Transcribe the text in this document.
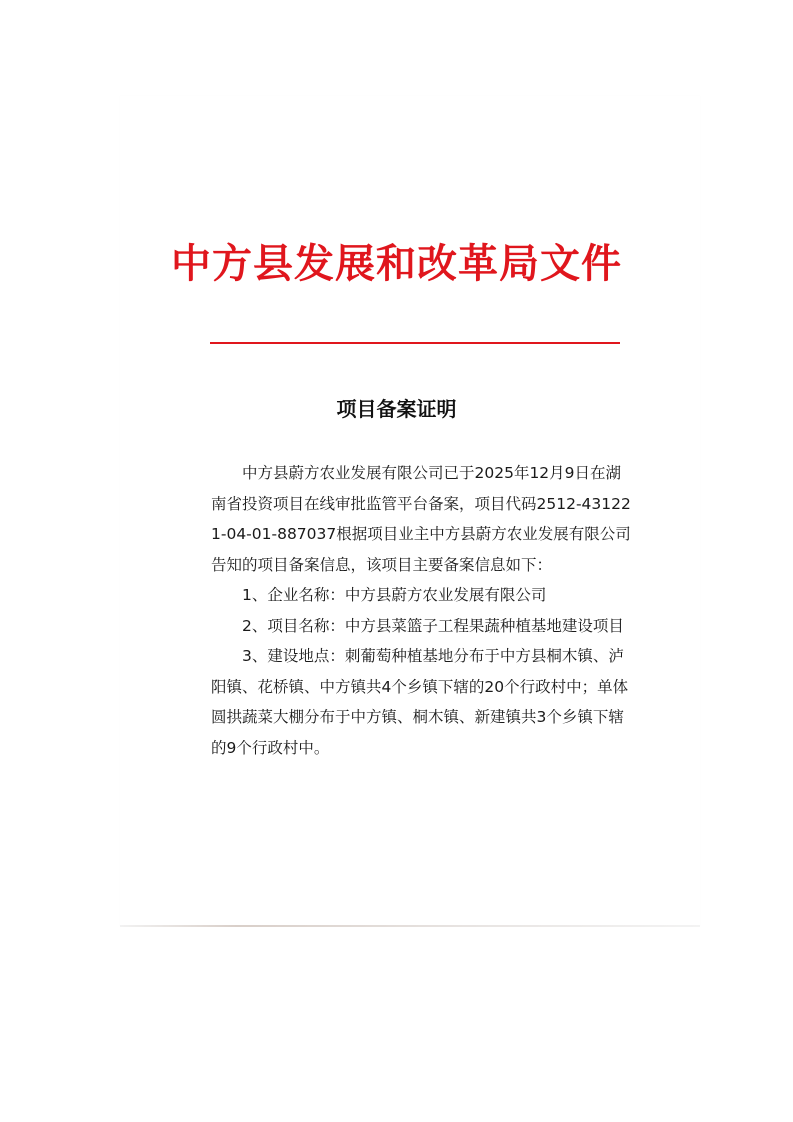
中方县发展和改革局文件
项目备案证明

中方县蔚方农业发展有限公司已于2025年12月9日在湖南省投资项目在线审批监管平台备案，项目代码2512-431221-04-01-887037根据项目业主中方县蔚方农业发展有限公司告知的项目备案信息，该项目主要备案信息如下：

1、企业名称：中方县蔚方农业发展有限公司

2、项目名称：中方县菜篮子工程果蔬种植基地建设项目

3、建设地点：刺葡萄种植基地分布于中方县桐木镇、泸阳镇、花桥镇、中方镇共4个乡镇下辖的20个行政村中；单体圆拱蔬菜大棚分布于中方镇、桐木镇、新建镇共3个乡镇下辖的9个行政村中。
